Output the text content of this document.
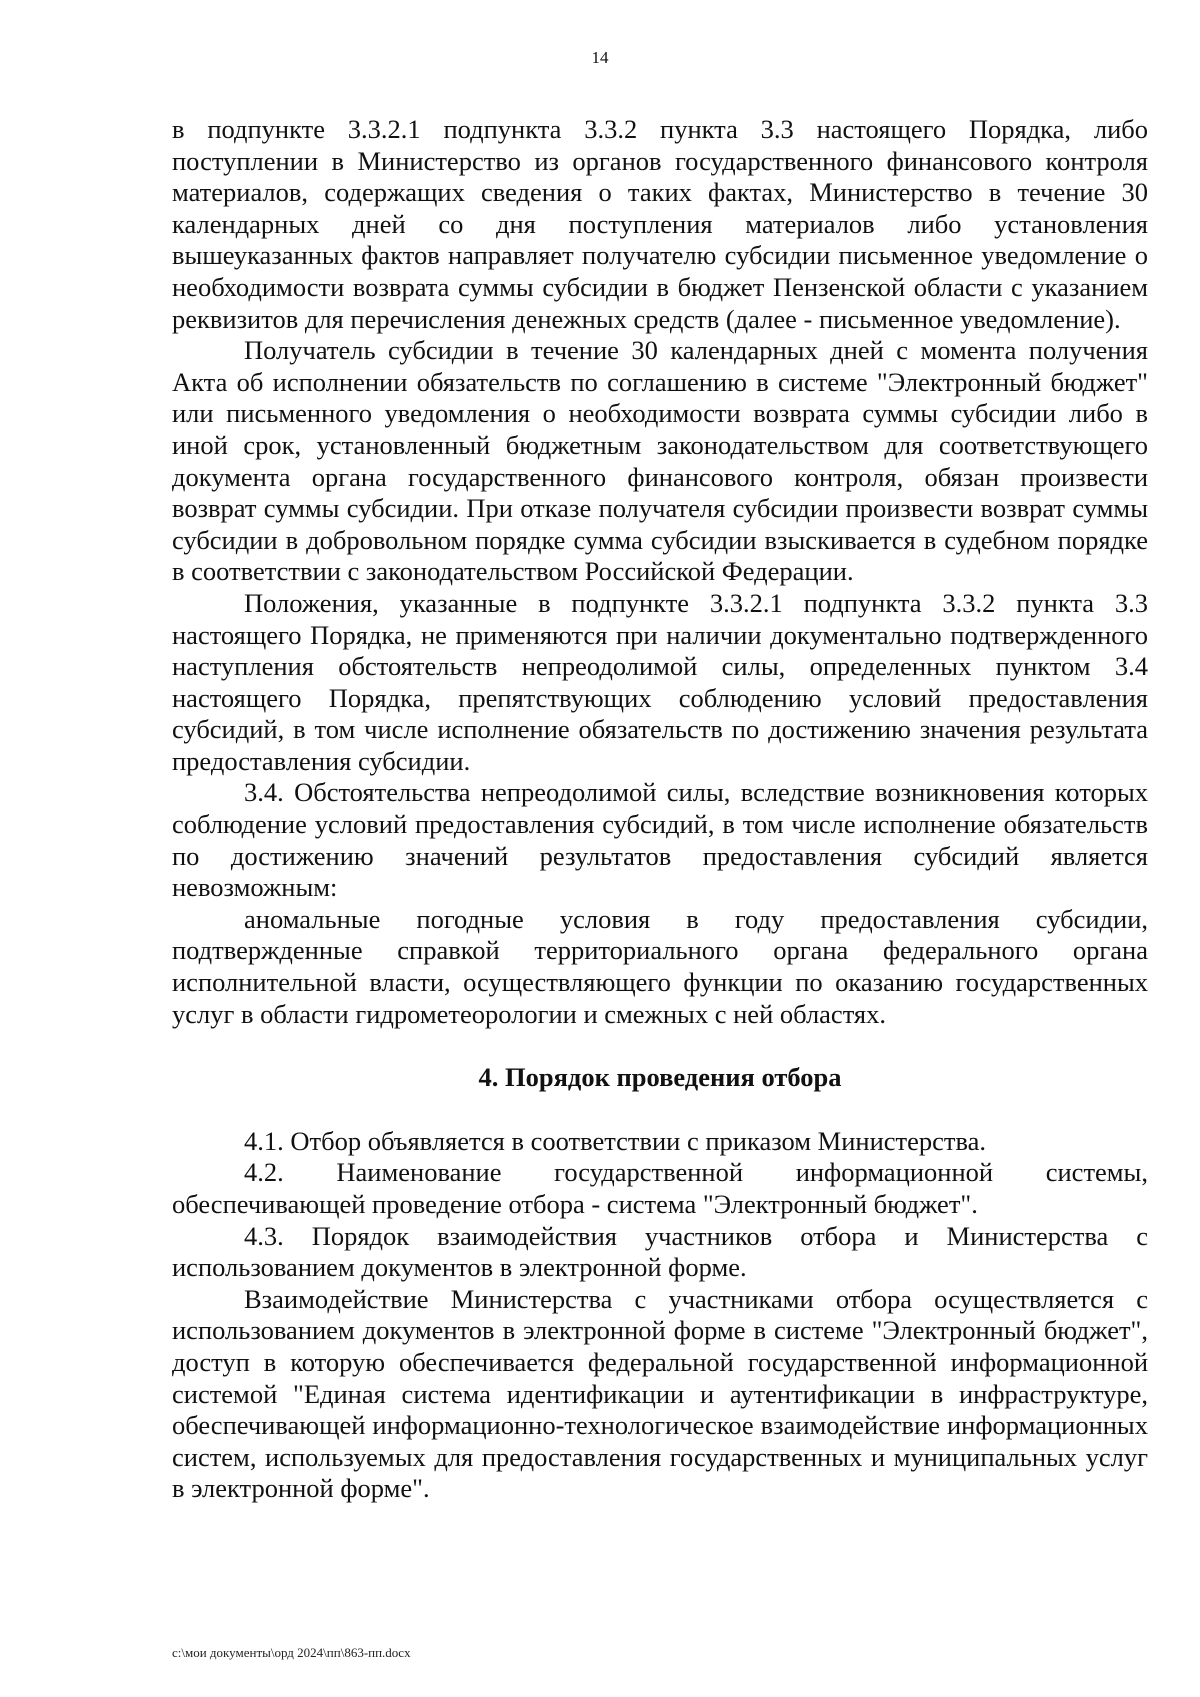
14

в подпункте 3.3.2.1 подпункта 3.3.2 пункта 3.3 настоящего Порядка, либо поступлении в Министерство из органов государственного финансового контроля материалов, содержащих сведения о таких фактах, Министерство в течение 30 календарных дней со дня поступления материалов либо установления вышеуказанных фактов направляет получателю субсидии письменное уведомление о необходимости возврата суммы субсидии в бюджет Пензенской области с указанием реквизитов для перечисления денежных средств (далее - письменное уведомление).

Получатель субсидии в течение 30 календарных дней с момента получения Акта об исполнении обязательств по соглашению в системе "Электронный бюджет" или письменного уведомления о необходимости возврата суммы субсидии либо в иной срок, установленный бюджетным законодательством для соответствующего документа органа государственного финансового контроля, обязан произвести возврат суммы субсидии. При отказе получателя субсидии произвести возврат суммы субсидии в добровольном порядке сумма субсидии взыскивается в судебном порядке в соответствии с законодательством Российской Федерации.

Положения, указанные в подпункте 3.3.2.1 подпункта 3.3.2 пункта 3.3 настоящего Порядка, не применяются при наличии документально подтвержденного наступления обстоятельств непреодолимой силы, определенных пунктом 3.4 настоящего Порядка, препятствующих соблюдению условий предоставления субсидий, в том числе исполнение обязательств по достижению значения результата предоставления субсидии.

3.4. Обстоятельства непреодолимой силы, вследствие возникновения которых соблюдение условий предоставления субсидий, в том числе исполнение обязательств по достижению значений результатов предоставления субсидий является невозможным:

аномальные погодные условия в году предоставления субсидии, подтвержденные справкой территориального органа федерального органа исполнительной власти, осуществляющего функции по оказанию государственных услуг в области гидрометеорологии и смежных с ней областях.

4. Порядок проведения отбора

4.1. Отбор объявляется в соответствии с приказом Министерства.

4.2. Наименование государственной информационной системы, обеспечивающей проведение отбора - система "Электронный бюджет".

4.3. Порядок взаимодействия участников отбора и Министерства с использованием документов в электронной форме.

Взаимодействие Министерства с участниками отбора осуществляется с использованием документов в электронной форме в системе "Электронный бюджет", доступ в которую обеспечивается федеральной государственной информационной системой "Единая система идентификации и аутентификации в инфраструктуре, обеспечивающей информационно-технологическое взаимодействие информационных систем, используемых для предоставления государственных и муниципальных услуг в электронной форме".

c:\мои документы\орд 2024\пп\863-пп.docx
